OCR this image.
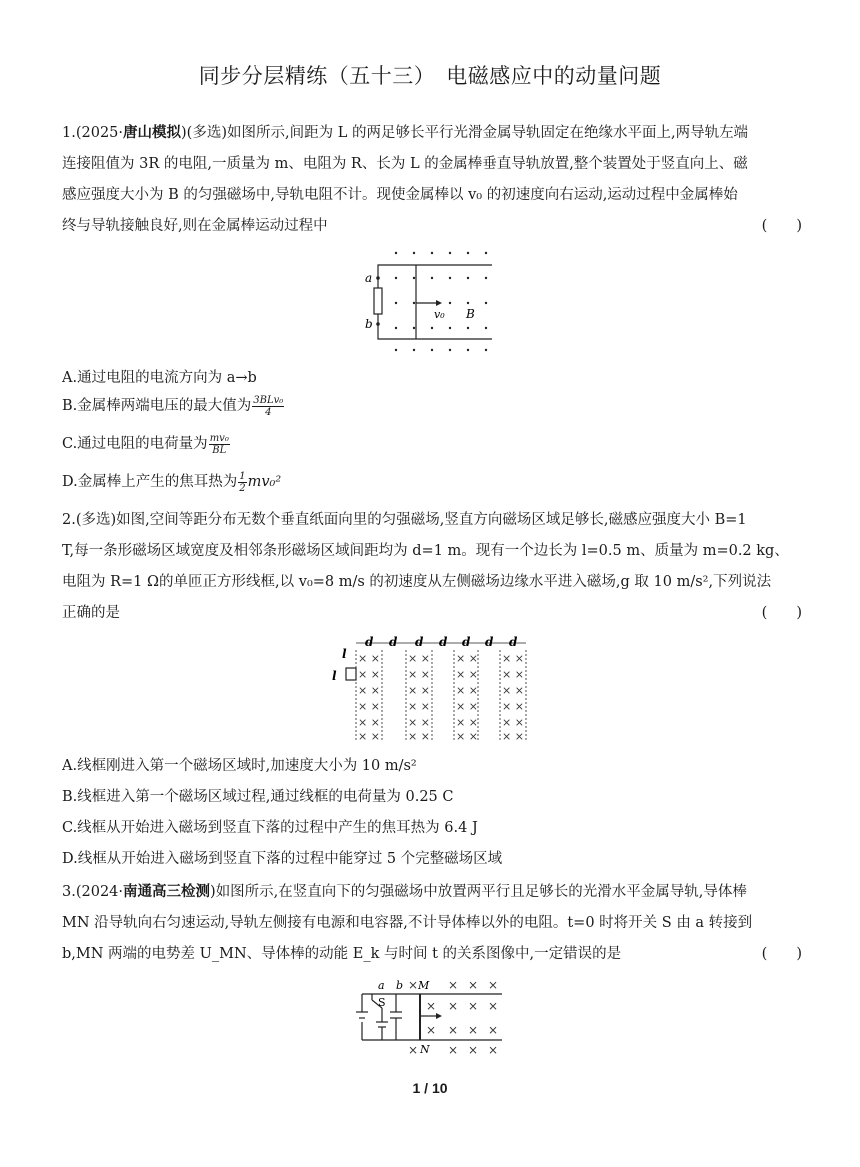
同步分层精练（五十三）　电磁感应中的动量问题
1.(2025·唐山模拟)(多选)如图所示,间距为 L 的两足够长平行光滑金属导轨固定在绝缘水平面上,两导轨左端
连接阻值为 3R 的电阻,一质量为 m、电阻为 R、长为 L 的金属棒垂直导轨放置,整个装置处于竖直向上、磁
感应强度大小为 B 的匀强磁场中,导轨电阻不计。现使金属棒以 v₀ 的初速度向右运动,运动过程中金属棒始
终与导轨接触良好,则在金属棒运动过程中	(　　)
a
b
v₀ B
A.通过电阻的电流方向为 a→b
B.金属棒两端电压的最大值为 $\frac{\text{3BLv₀}}{4}$
C.通过电阻的电荷量为 $\frac{\text{mv₀}}{BL}$
D.金属棒上产生的焦耳热为 $\frac{1}{2} mv_0^2$
2.(多选)如图,空间等距分布无数个垂直纸面向里的匀强磁场,竖直方向磁场区域足够长,磁感应强度大小 B=1
T,每一条形磁场区域宽度及相邻条形磁场区域间距均为 d=1 m。现有一个边长为 l=0.5 m、质量为 m=0.2 kg、
电阻为 R=1 Ω的单匝正方形线框,以 v₀=8 m/s 的初速度从左侧磁场边缘水平进入磁场,g 取 10 m/s²,下列说法
正确的是	(　　)
d d d d d d d
l
l
× ×
× ×
× ×
× ×
× ×
× ×
× ×
× ×
× ×
× ×
× ×
× ×
× ×
× ×
× ×
× ×
× ×
× ×
× ×
× ×
× ×
× ×
× ×
× ×
A.线框刚进入第一个磁场区域时,加速度大小为 10 m/s²
B.线框进入第一个磁场区域过程,通过线框的电荷量为 0.25 C
C.线框从开始进入磁场到竖直下落的过程中产生的焦耳热为 6.4 J
D.线框从开始进入磁场到竖直下落的过程中能穿过 5 个完整磁场区域
3.(2024·南通高三检测)如图所示,在竖直向下的匀强磁场中放置两平行且足够长的光滑水平金属导轨,导体棒
MN 沿导轨向右匀速运动,导轨左侧接有电源和电容器,不计导体棒以外的电阻。t=0 时将开关 S 由 a 转接到
b,MN 两端的电势差 U_MN、导体棒的动能 E_k 与时间 t 的关系图像中,一定错误的是	(　　)
× × × ×
× × × ×
× × × ×
× × × ×
a b
S
M
N
1 / 10
